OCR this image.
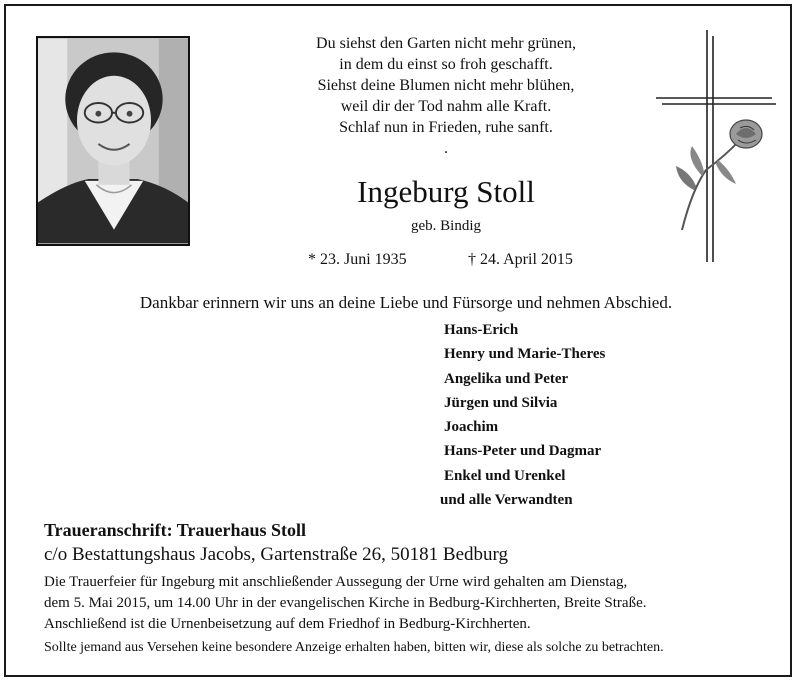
Du siehst den Garten nicht mehr grünen,
in dem du einst so froh geschafft.
Siehst deine Blumen nicht mehr blühen,
weil dir der Tod nahm alle Kraft.
Schlaf nun in Frieden, ruhe sanft.
.
Ingeburg Stoll
geb. Bindig
* 23. Juni 1935	† 24. April 2015
Dankbar erinnern wir uns an deine Liebe und Fürsorge und nehmen Abschied.
Hans-Erich
Henry und Marie-Theres
Angelika und Peter
Jürgen und Silvia
Joachim
Hans-Peter und Dagmar
Enkel und Urenkel
und alle Verwandten
Traueranschrift: Trauerhaus Stoll
c/o Bestattungshaus Jacobs, Gartenstraße 26, 50181 Bedburg
Die Trauerfeier für Ingeburg mit anschließender Aussegung der Urne wird gehalten am Dienstag,
dem 5. Mai 2015, um 14.00 Uhr in der evangelischen Kirche in Bedburg-Kirchherten, Breite Straße.
Anschließend ist die Urnenbeisetzung auf dem Friedhof in Bedburg-Kirchherten.
Sollte jemand aus Versehen keine besondere Anzeige erhalten haben, bitten wir, diese als solche zu betrachten.
